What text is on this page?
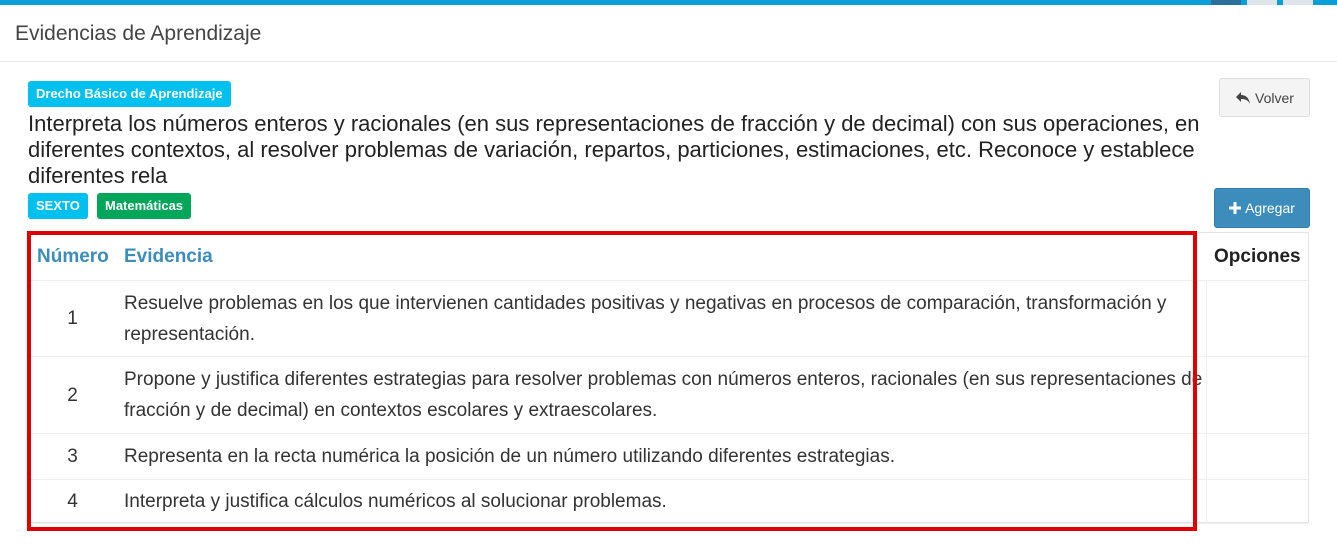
Evidencias de Aprendizaje
Drecho Básico de Aprendizaje	Volver
Interpreta los números enteros y racionales (en sus representaciones de fracción y de decimal) con sus operaciones, en diferentes contextos, al resolver problemas de variación, repartos, particiones, estimaciones, etc. Reconoce y establece diferentes rela
SEXTO	Matemáticas	Agregar
Número	Evidencia	Opciones
1	Resuelve problemas en los que intervienen cantidades positivas y negativas en procesos de comparación, transformación y representación.	
2	Propone y justifica diferentes estrategias para resolver problemas con números enteros, racionales (en sus representaciones de fracción y de decimal) en contextos escolares y extraescolares.	
3	Representa en la recta numérica la posición de un número utilizando diferentes estrategias.	
4	Interpreta y justifica cálculos numéricos al solucionar problemas.	
